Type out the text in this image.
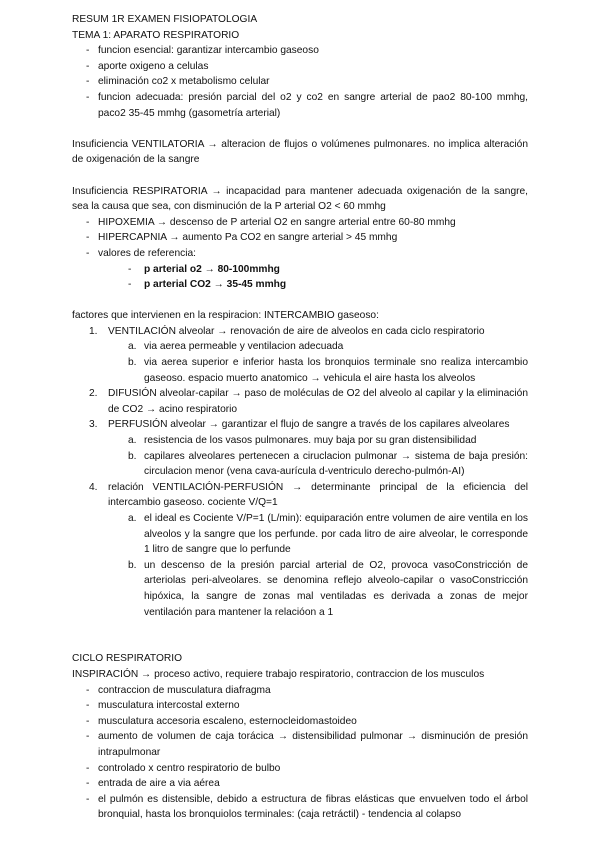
RESUM 1R EXAMEN FISIOPATOLOGIA
TEMA 1: APARATO RESPIRATORIO
- funcion esencial: garantizar intercambio gaseoso
- aporte oxigeno a celulas
- eliminación co2 x metabolismo celular
- funcion adecuada: presión parcial del o2 y co2 en sangre arterial de pao2 80-100 mmhg, paco2 35-45 mmhg (gasometría arterial)
Insuficiencia VENTILATORIA → alteracion de flujos o volúmenes pulmonares. no implica alteración de oxigenación de la sangre
Insuficiencia RESPIRATORIA → incapacidad para mantener adecuada oxigenación de la sangre, sea la causa que sea, con disminución de la P arterial O2 < 60 mmhg
- HIPOXEMIA → descenso de P arterial O2 en sangre arterial entre 60-80 mmhg
- HIPERCAPNIA → aumento Pa CO2 en sangre arterial > 45 mmhg
- valores de referencia:
- p arterial o2 → 80-100mmhg
- p arterial CO2 → 35-45 mmhg
factores que intervienen en la respiracion: INTERCAMBIO gaseoso:
1. VENTILACIÓN alveolar → renovación de aire de alveolos en cada ciclo respiratorio
a. via aerea permeable y ventilacion adecuada
b. via aerea superior e inferior hasta los bronquios terminale sno realiza intercambio gaseoso. espacio muerto anatomico → vehicula el aire hasta los alveolos
2. DIFUSIÓN alveolar-capilar → paso de moléculas de O2 del alveolo al capilar y la eliminación de CO2 → acino respiratorio
3. PERFUSIÓN alveolar → garantizar el flujo de sangre a través de los capilares alveolares
a. resistencia de los vasos pulmonares. muy baja por su gran distensibilidad
b. capilares alveolares pertenecen a ciruclacion pulmonar → sistema de baja presión: circulacion menor (vena cava-aurícula d-ventriculo derecho-pulmón-AI)
4. relación VENTILACIÓN-PERFUSIÓN → determinante principal de la eficiencia del intercambio gaseoso. cociente V/Q=1
a. el ideal es Cociente V/P=1 (L/min): equiparación entre volumen de aire ventila en los alveolos y la sangre que los perfunde. por cada litro de aire alveolar, le corresponde 1 litro de sangre que lo perfunde
b. un descenso de la presión parcial arterial de O2, provoca vasoConstricción de arteriolas peri-alveolares. se denomina reflejo alveolo-capilar o vasoConstricción hipóxica, la sangre de zonas mal ventiladas es derivada a zonas de mejor ventilación para mantener la relacióon a 1
CICLO RESPIRATORIO
INSPIRACIÓN → proceso activo, requiere trabajo respiratorio, contraccion de los musculos
- contraccion de musculatura diafragma
- musculatura intercostal externo
- musculatura accesoria escaleno, esternocleidomastoideo
- aumento de volumen de caja torácica → distensibilidad pulmonar → disminución de presión intrapulmonar
- controlado x centro respiratorio de bulbo
- entrada de aire a via aérea
- el pulmón es distensible, debido a estructura de fibras elásticas que envuelven todo el árbol bronquial, hasta los bronquiolos terminales: (caja retráctil) - tendencia al colapso
